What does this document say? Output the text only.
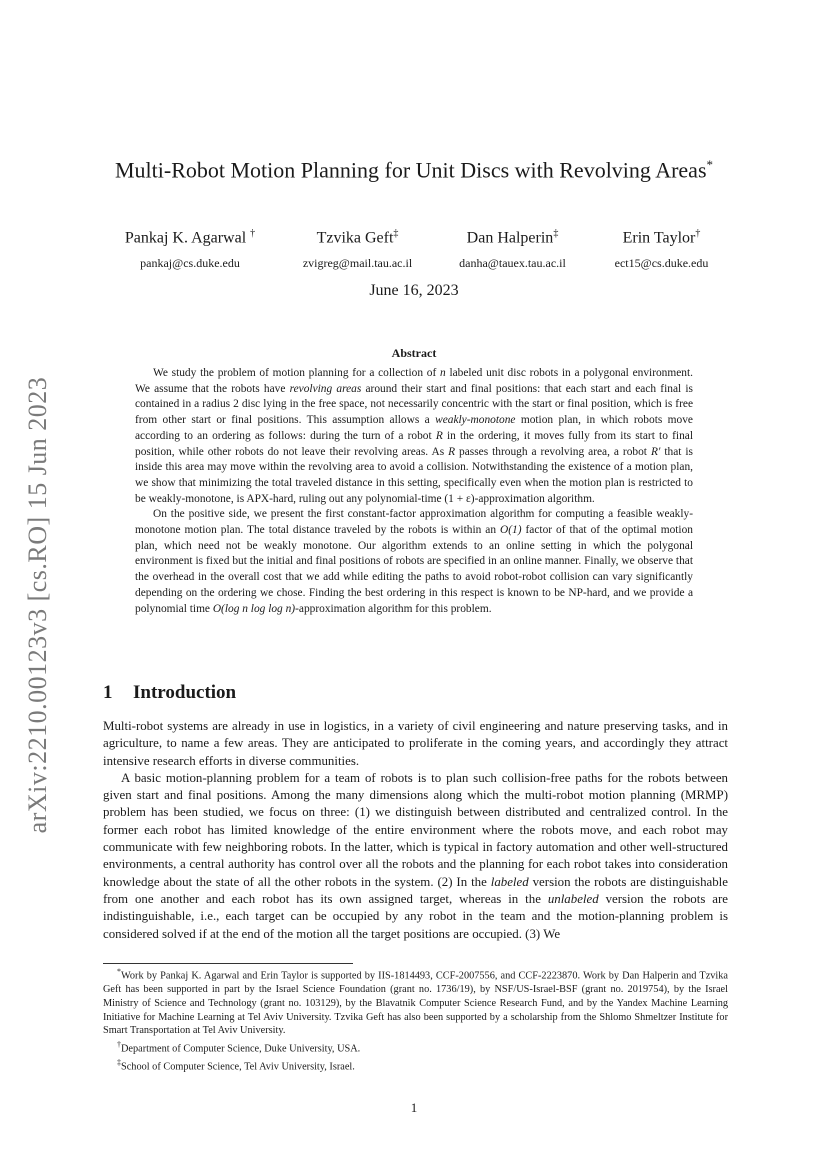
arXiv:2210.00123v3 [cs.RO] 15 Jun 2023
Multi-Robot Motion Planning for Unit Discs with Revolving Areas*
Pankaj K. Agarwal †
pankaj@cs.duke.edu
Tzvika Geft‡
zvigreg@mail.tau.ac.il
Dan Halperin‡
danha@tauex.tau.ac.il
Erin Taylor†
ect15@cs.duke.edu
June 16, 2023
Abstract

We study the problem of motion planning for a collection of n labeled unit disc robots in a polygonal environment. We assume that the robots have revolving areas around their start and final positions: that each start and each final is contained in a radius 2 disc lying in the free space, not necessarily concentric with the start or final position, which is free from other start or final positions. This assumption allows a weakly-monotone motion plan, in which robots move according to an ordering as follows: during the turn of a robot R in the ordering, it moves fully from its start to final position, while other robots do not leave their revolving areas. As R passes through a revolving area, a robot R′ that is inside this area may move within the revolving area to avoid a collision. Notwithstanding the existence of a motion plan, we show that minimizing the total traveled distance in this setting, specifically even when the motion plan is restricted to be weakly-monotone, is APX-hard, ruling out any polynomial-time (1 + ε)-approximation algorithm.

On the positive side, we present the first constant-factor approximation algorithm for computing a feasible weakly-monotone motion plan. The total distance traveled by the robots is within an O(1) factor of that of the optimal motion plan, which need not be weakly monotone. Our algorithm extends to an online setting in which the polygonal environment is fixed but the initial and final positions of robots are specified in an online manner. Finally, we observe that the overhead in the overall cost that we add while editing the paths to avoid robot-robot collision can vary significantly depending on the ordering we chose. Finding the best ordering in this respect is known to be NP-hard, and we provide a polynomial time O(log n log log n)-approximation algorithm for this problem.

1 Introduction

Multi-robot systems are already in use in logistics, in a variety of civil engineering and nature preserving tasks, and in agriculture, to name a few areas. They are anticipated to proliferate in the coming years, and accordingly they attract intensive research efforts in diverse communities.

A basic motion-planning problem for a team of robots is to plan such collision-free paths for the robots between given start and final positions. Among the many dimensions along which the multi-robot motion planning (MRMP) problem has been studied, we focus on three: (1) we distinguish between distributed and centralized control. In the former each robot has limited knowledge of the entire environment where the robots move, and each robot may communicate with few neighboring robots. In the latter, which is typical in factory automation and other well-structured environments, a central authority has control over all the robots and the planning for each robot takes into consideration knowledge about the state of all the other robots in the system. (2) In the labeled version the robots are distinguishable from one another and each robot has its own assigned target, whereas in the unlabeled version the robots are indistinguishable, i.e., each target can be occupied by any robot in the team and the motion-planning problem is considered solved if at the end of the motion all the target positions are occupied. (3) We

*Work by Pankaj K. Agarwal and Erin Taylor is supported by IIS-1814493, CCF-2007556, and CCF-2223870. Work by Dan Halperin and Tzvika Geft has been supported in part by the Israel Science Foundation (grant no. 1736/19), by NSF/US-Israel-BSF (grant no. 2019754), by the Israel Ministry of Science and Technology (grant no. 103129), by the Blavatnik Computer Science Research Fund, and by the Yandex Machine Learning Initiative for Machine Learning at Tel Aviv University. Tzvika Geft has also been supported by a scholarship from the Shlomo Shmeltzer Institute for Smart Transportation at Tel Aviv University.

†Department of Computer Science, Duke University, USA.

‡School of Computer Science, Tel Aviv University, Israel.

1
